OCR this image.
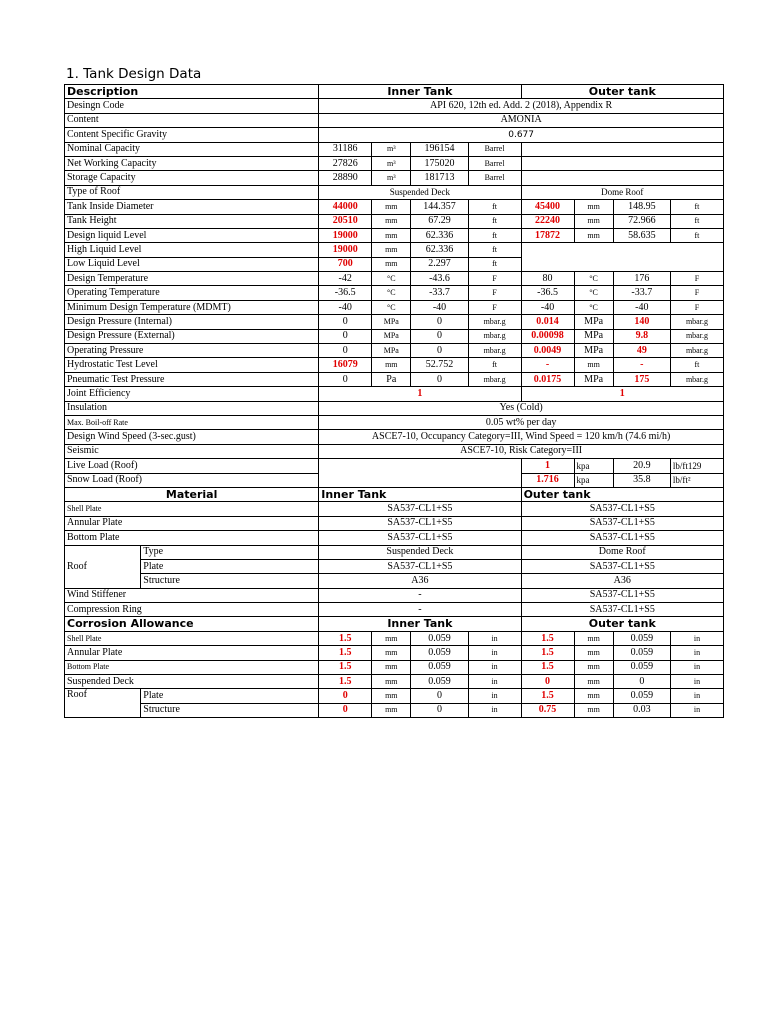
1. Tank Design Data
Description		Inner Tank				Outer tank			
Desingn Code		API 620, 12th ed. Add. 2 (2018), Appendix R							
Content		AMONIA							
Content Specific Gravity		0.677							
Nominal Capacity		31186	m³	196154	Barrel				
Net Working Capacity		27826	m³	175020	Barrel				
Storage Capacity		28890	m³	181713	Barrel				
Type of Roof		Suspended Deck				Dome Roof			
Tank Inside Diameter		44000	mm	144.357	ft	45400	mm	148.95	ft
Tank Height		20510	mm	67.29	ft	22240	mm	72.966	ft
Design liquid Level		19000	mm	62.336	ft	17872	mm	58.635	ft
High Liquid Level		19000	mm	62.336	ft				
Low Liquid Level		700	mm	2.297	ft				
Design Temperature		-42	°C	-43.6	F	80	°C	176	F
Operating Temperature		-36.5	°C	-33.7	F	-36.5	°C	-33.7	F
Minimum Design Temperature (MDMT)		-40	°C	-40	F	-40	°C	-40	F
Design Pressure (Internal)		0	MPa	0	mbar.g	0.014	MPa	140	mbar.g
Design Pressure (External)		0	MPa	0	mbar.g	0.00098	MPa	9.8	mbar.g
Operating Pressure		0	MPa	0	mbar.g	0.0049	MPa	49	mbar.g
Hydrostatic Test Level		16079	mm	52.752	ft	-	mm	-	ft
Pneumatic Test Pressure		0	Pa	0	mbar.g	0.0175	MPa	175	mbar.g
Joint Efficiency		1				1			
Insulation		Yes (Cold)							
Max. Boil-off Rate		0.05 wt% per day							
Design Wind Speed (3-sec.gust)		ASCE7-10, Occupancy Category=III, Wind Speed = 120 km/h (74.6 mi/h)							
Seismic		ASCE7-10, Risk Category=III							
Live Load (Roof)						1	kpa	20.9	lb/ft129
Snow Load (Roof)						1.716	kpa	35.8	lb/ft²
Material		Inner Tank				Outer tank			
Shell Plate		SA537-CL1+S5				SA537-CL1+S5			
Annular Plate		SA537-CL1+S5				SA537-CL1+S5			
Bottom Plate		SA537-CL1+S5				SA537-CL1+S5			
Roof	Type	Suspended Deck				Dome Roof			
	Plate	SA537-CL1+S5				SA537-CL1+S5			
	Structure	A36				A36			
Wind Stiffener		-				SA537-CL1+S5			
Compression Ring		-				SA537-CL1+S5			
Corrosion Allowance		Inner Tank				Outer tank			
Shell Plate		1.5	mm	0.059	in	1.5	mm	0.059	in
Annular Plate		1.5	mm	0.059	in	1.5	mm	0.059	in
Bottom Plate		1.5	mm	0.059	in	1.5	mm	0.059	in
Suspended Deck		1.5	mm	0.059	in	0	mm	0	in
Roof	Plate	0	mm	0	in	1.5	mm	0.059	in
	Structure	0	mm	0	in	0.75	mm	0.03	in
